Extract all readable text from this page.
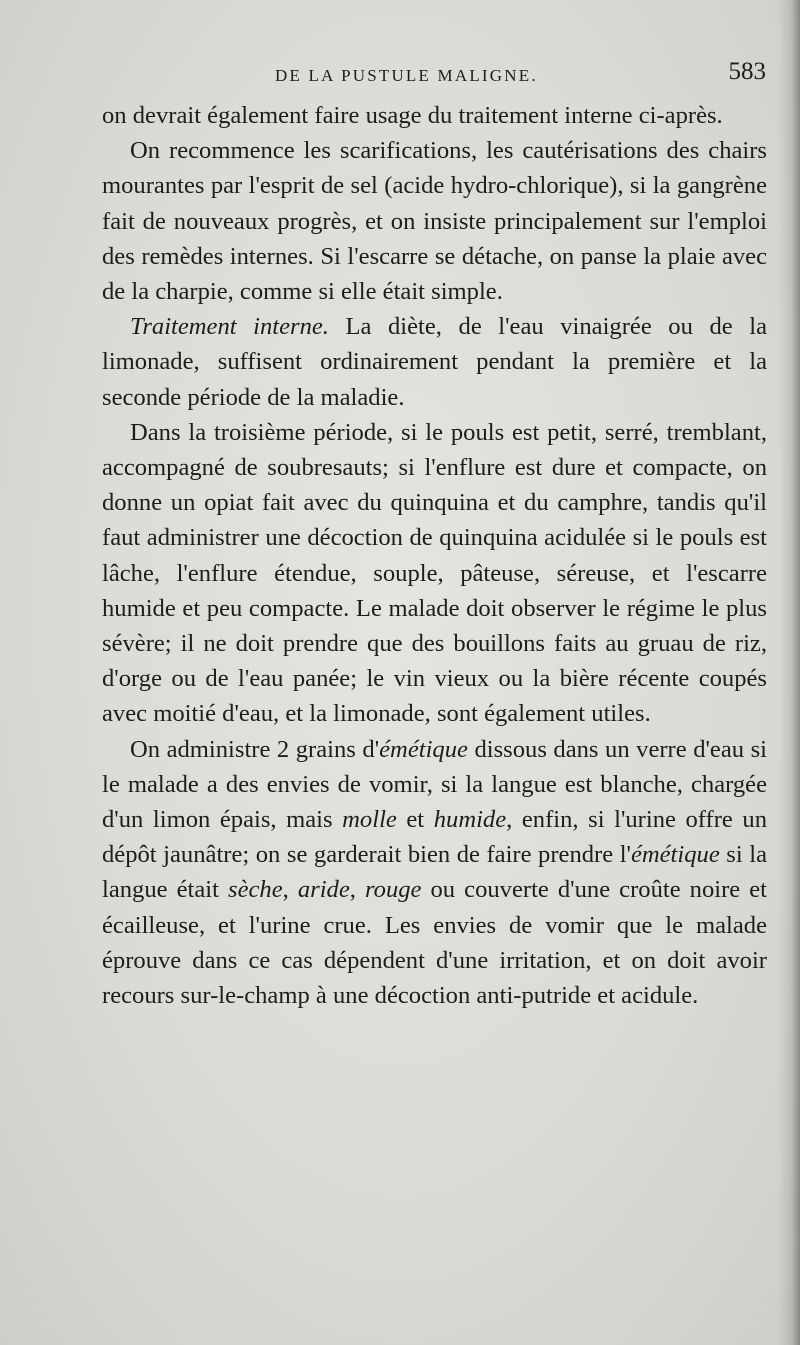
DE LA PUSTULE MALIGNE.	583

on devrait également faire usage du traitement interne ci-après.

On recommence les scarifications, les cautérisations des chairs mourantes par l'esprit de sel (acide hydro-chlorique), si la gangrène fait de nouveaux progrès, et on insiste principalement sur l'emploi des remèdes internes. Si l'escarre se détache, on panse la plaie avec de la charpie, comme si elle était simple.

Traitement interne. La diète, de l'eau vinaigrée ou de la limonade, suffisent ordinairement pendant la première et la seconde période de la maladie.

Dans la troisième période, si le pouls est petit, serré, tremblant, accompagné de soubresauts; si l'enflure est dure et compacte, on donne un opiat fait avec du quinquina et du camphre, tandis qu'il faut administrer une décoction de quinquina acidulée si le pouls est lâche, l'enflure étendue, souple, pâteuse, séreuse, et l'escarre humide et peu compacte. Le malade doit observer le régime le plus sévère; il ne doit prendre que des bouillons faits au gruau de riz, d'orge ou de l'eau panée; le vin vieux ou la bière récente coupés avec moitié d'eau, et la limonade, sont également utiles.

On administre 2 grains d'émétique dissous dans un verre d'eau si le malade a des envies de vomir, si la langue est blanche, chargée d'un limon épais, mais molle et humide, enfin, si l'urine offre un dépôt jaunâtre; on se garderait bien de faire prendre l'émétique si la langue était sèche, aride, rouge ou couverte d'une croûte noire et écailleuse, et l'urine crue. Les envies de vomir que le malade éprouve dans ce cas dépendent d'une irritation, et on doit avoir recours sur-le-champ à une décoction anti-putride et acidule.
